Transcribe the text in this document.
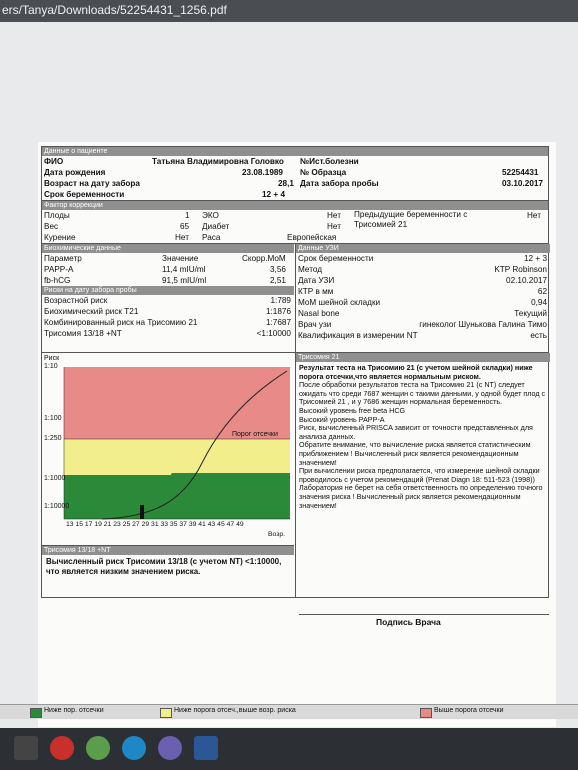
ers/Tanya/Downloads/52254431_1256.pdf
Данные о пациенте
ФИО	Татьяна Владимировна Головко №Ист.болезни
Дата рождения	23.08.1989 № Образца	52254431
Возраст на дату забора	28,1 Дата забора пробы	03.10.2017
Срок беременности	12 + 4
Фактор коррекции
Плоды	1 ЭКО	Нет Предыдущие беременности с Трисомией 21
Нет
Вес	65 Диабет	Нет
Курение	Нет Раса	Европейская
Биохимические данные
Параметр	Значение	Скорр.MoM
PAPP-A	11,4 mIU/ml	3,56
fb-hCG	91,5 mIU/ml	2,51
Риски на дату забора пробы
Возрастной риск	1:789
Биохимический риск Т21	1:1876
Комбинированный риск на Трисомию 21	1:7687
Трисомия 13/18 +NT	<1:10000
Данные УЗИ
Срок беременности	12 + 3
Метод	KTP Robinson
Дата УЗИ	02.10.2017
КТР в мм	62
MoM шейной складки	0,94
Nasal bone	Текущий
Врач узи	гинеколог Шунькова Галина Тимо
Квалификация в измерении NT	есть
Риск
1:10
1:100
1:250
1:1000
1:10000
Порог отсечки
13 15 17 19 21 23 25 27 29 31 33 35 37 39 41 43 45 47 49
Возр.
Трисомия 13/18 +NT
Вычисленный риск Трисомии 13/18 (с учетом NT) <1:10000, что является низким значением риска.
Трисомия 21
Результат теста на Трисомию 21 (с учетом шейной складки) ниже порога отсечки,что является нормальным риском.
После обработки результатов теста на Трисомию 21 (с NT) следует ожидать что среди 7687 женщин с такими данными, у одной будет плод с Трисомией 21 , и у 7686 женщин нормальная беременность.
Высокий уровень free beta HCG
Высокий уровень PAPP-A
Риск, вычисленный PRISCA зависит от точности представленных для анализа данных.
Обратите внимание, что вычисление риска является статистическим приближением ! Вычисленный риск является рекомендационным значением!
При вычислении риска предполагается, что измерение шейной складки проводилось с учетом рекомендаций (Prenat Diagn 18: 511-523 (1998))
Лаборатория не берет на себя ответственность по определению точного значения риска ! Вычисленный риск является рекомендационным значением!
Подпись Врача
Ниже пор. отсечки	Ниже порога отсеч.,выше возр. риска	Выше порога отсечки
